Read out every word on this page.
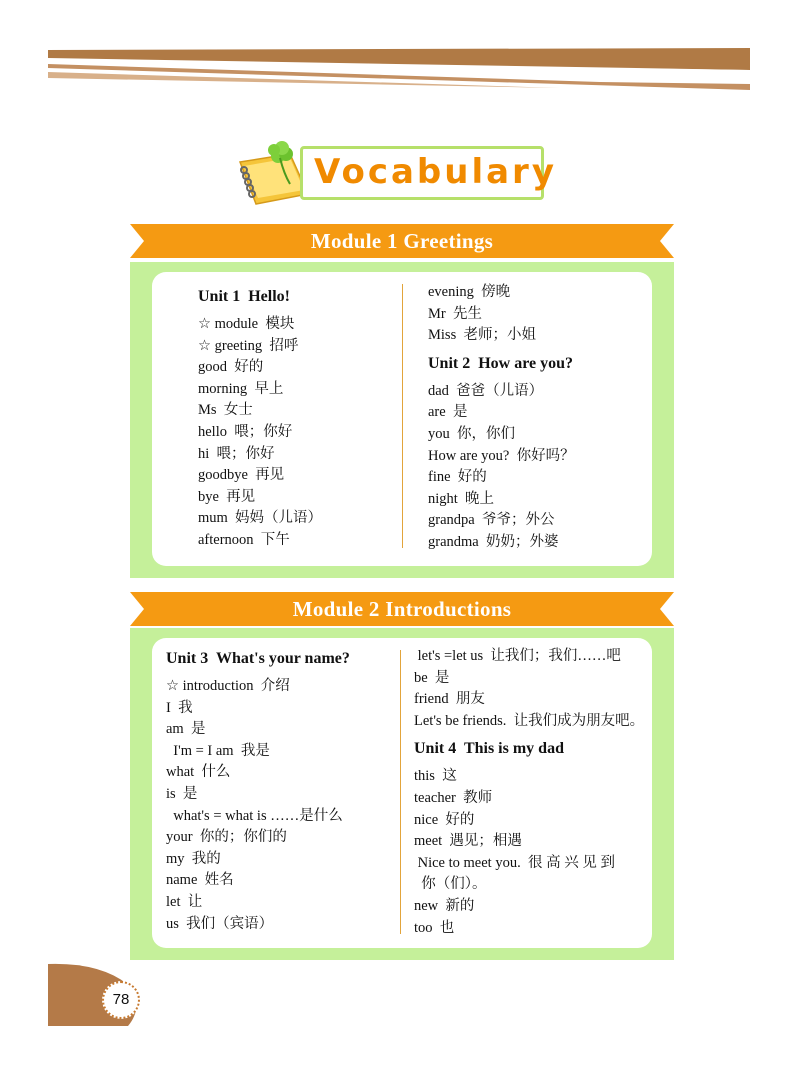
Vocabulary
Module 1 Greetings
Unit 1  Hello!
☆ module  模块
☆ greeting  招呼
good  好的
morning  早上
Ms  女士
hello  喂；你好
hi  喂；你好
goodbye  再见
bye  再见
mum  妈妈（儿语）
afternoon  下午
evening  傍晚
Mr  先生
Miss  老师；小姐
Unit 2  How are you?
dad  爸爸（儿语）
are  是
you  你，你们
How are you?  你好吗？
fine  好的
night  晚上
grandpa  爷爷；外公
grandma  奶奶；外婆
Module 2 Introductions
Unit 3  What's your name?
☆ introduction  介绍
I  我
am  是
I'm = I am  我是
what  什么
is  是
what's = what is ……是什么
your  你的；你们的
my  我的
name  姓名
let  让
us  我们（宾语）
let's =let us  让我们；我们……吧
be  是
friend  朋友
Let's be friends.  让我们成为朋友吧。
Unit 4  This is my dad
this  这
teacher  教师
nice  好的
meet  遇见；相遇
Nice to meet you.  很 高 兴 见 到
你（们）。
new  新的
too  也
78
